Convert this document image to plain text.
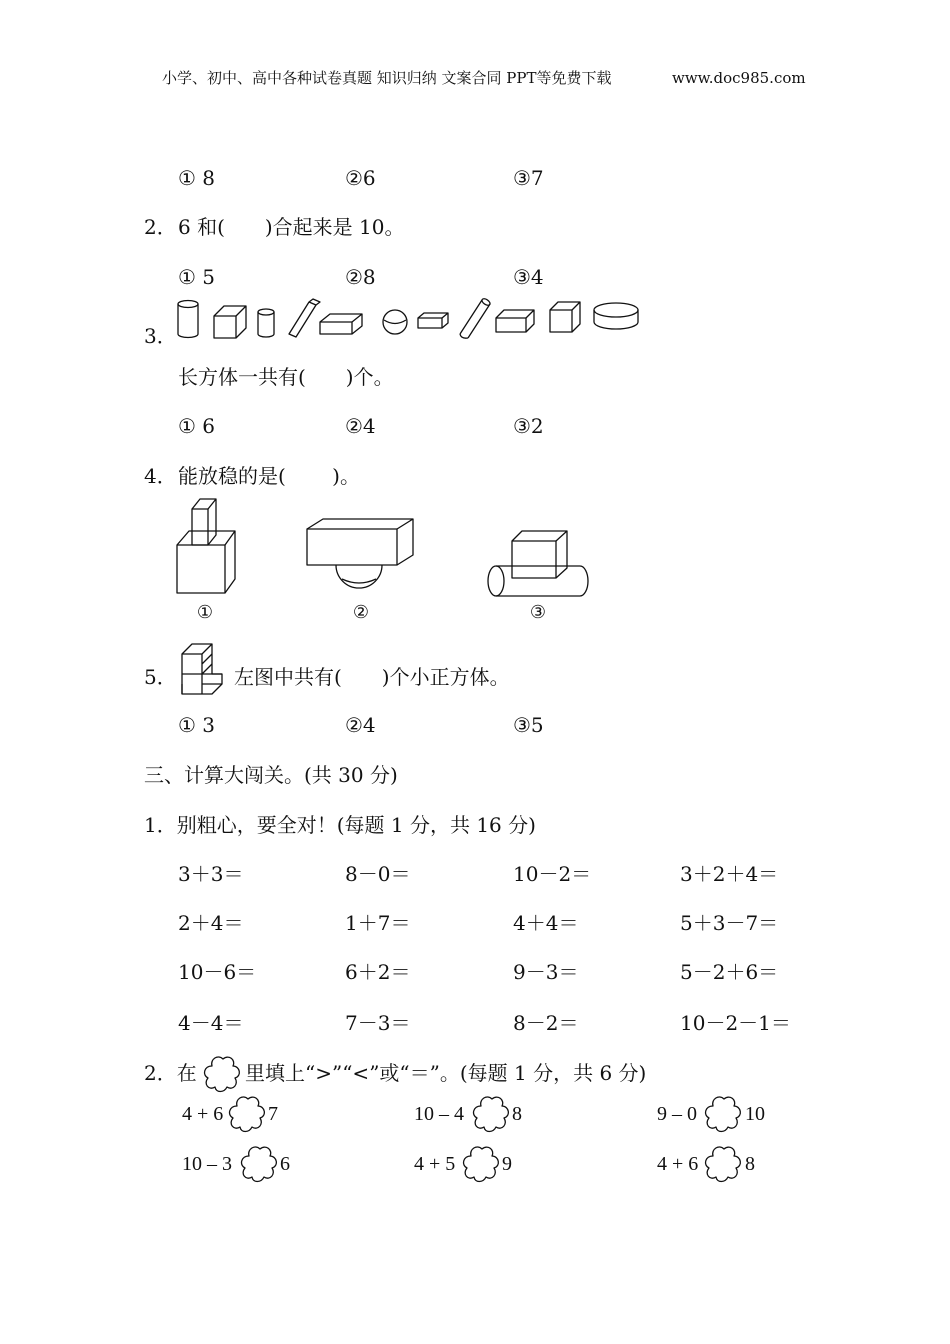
小学、初中、高中各种试卷真题 知识归纳 文案合同 PPT等免费下载	www.doc985.com
① 8	②6	③7
2． 6 和(　　)合起来是 10。
① 5	②8	③4
3．
长方体一共有(　　)个。
① 6	②4	③2
4． 能放稳的是(　　 )。
①	②	③
5．	左图中共有(　　)个小正方体。
① 3	②4	③5
三、计算大闯关。(共 30 分)
1．别粗心，要全对！(每题 1 分，共 16 分)
3＋3＝	8－0＝	10－2＝	3＋2＋4＝
2＋4＝	1＋7＝	4＋4＝	5＋3－7＝
10－6＝	6＋2＝	9－3＝	5－2＋6＝
4－4＝	7－3＝	8－2＝	10－2－1＝
2．在 里填上“>”“<”或“＝”。(每题 1 分，共 6 分)
4 + 6 7	10 – 4 8	9 – 0 10
10 – 3 6	4 + 5 9	4 + 6 8
